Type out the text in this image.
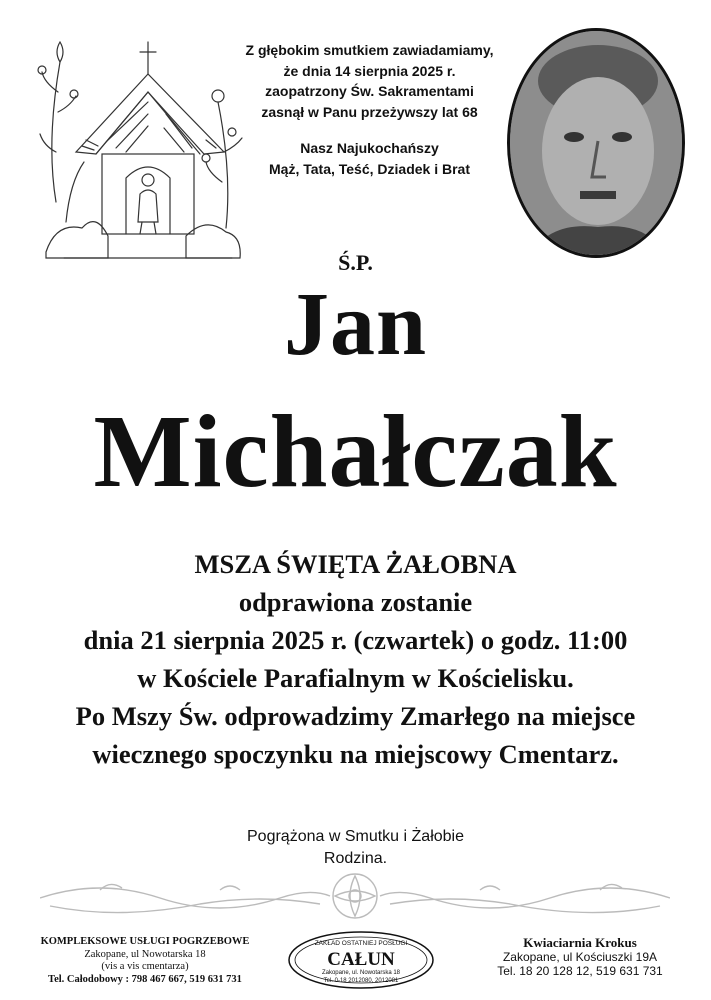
Z głębokim smutkiem zawiadamiamy,
że dnia 14 sierpnia 2025 r.
zaopatrzony Św. Sakramentami
zasnął w Panu przeżywszy lat 68
Nasz Najukochańszy
Mąż, Tata, Teść, Dziadek i Brat
Ś.P.
Jan
Michałczak
MSZA ŚWIĘTA ŻAŁOBNA
odprawiona zostanie
dnia 21 sierpnia 2025 r. (czwartek) o godz. 11:00
w Kościele Parafialnym w Kościelisku.
Po Mszy Św. odprowadzimy Zmarłego na miejsce
wiecznego spoczynku na miejscowy Cmentarz.
Pogrążona w Smutku i Żałobie
Rodzina.
KOMPLEKSOWE USŁUGI POGRZEBOWE
Zakopane, ul Nowotarska 18
(vis a vis cmentarza)
Tel. Całodobowy : 798 467 667, 519 631 731
ZAKŁAD OSTATNIEJ POSŁUGI
CAŁUN
Zakopane, ul. Nowotarska 18
Tel. 0-18 2012080, 2012081
Kwiaciarnia Krokus
Zakopane, ul Kościuszki 19A
Tel. 18 20 128 12, 519 631 731
